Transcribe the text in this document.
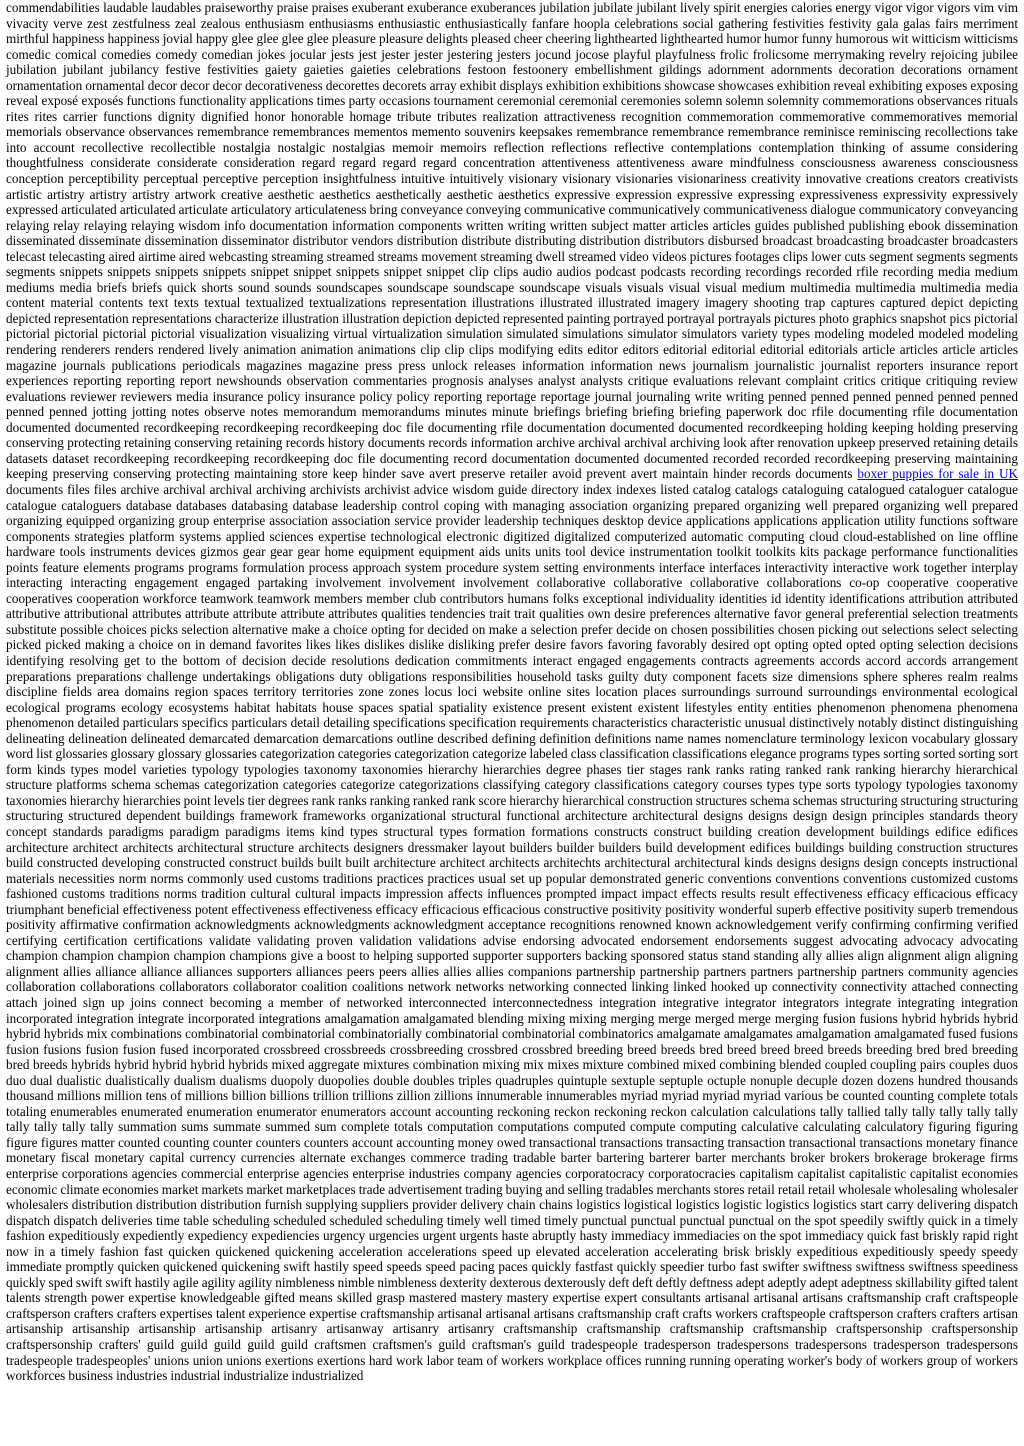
commendabilities laudable laudables praiseworthy praise praises exuberant exuberance exuberances jubilation jubilate jubilant lively spirit energies calories energy vigor vigor vigors vim vim vivacity verve zest zestfulness zeal zealous enthusiasm enthusiasms enthusiastic enthusiastically fanfare hoopla celebrations social gathering festivities festivity gala galas fairs merriment mirthful happiness happiness jovial happy glee glee glee glee pleasure pleasure delights pleased cheer cheering lighthearted lighthearted humor humor funny humorous wit witticism witticisms comedic comical comedies comedy comedian jokes jocular jests jest jester jester jestering jesters jocund jocose playful playfulness frolic frolicsome merrymaking revelry rejoicing jubilee jubilation jubilant jubilancy festive festivities gaiety gaieties gaieties celebrations festoon festoonery embellishment gildings adornment adornments decoration decorations ornament ornamentation ornamental decor decor decor decorativeness decorettes decorets array exhibit displays exhibition exhibitions showcase showcases exhibition reveal exhibiting exposes exposing reveal exposé exposés functions functionality applications times party occasions tournament ceremonial ceremonial ceremonies solemn solemn solemnity commemorations observances rituals rites rites carrier functions dignity dignified honor honorable homage tribute tributes realization attractiveness recognition commemoration commemorative commemoratives memorial memorials observance observances remembrance remembrances mementos memento souvenirs keepsakes remembrance remembrance remembrance reminisce reminiscing recollections take into account recollective recollectible nostalgia nostalgic nostalgias memoir memoirs reflection reflections reflective contemplations contemplation thinking of assume considering thoughtfulness considerate considerate consideration regard regard regard regard concentration attentiveness attentiveness aware mindfulness consciousness awareness consciousness conception perceptibility perceptual perceptive perception insightfulness intuitive intuitively visionary visionary visionaries visionariness creativity innovative creations creators creativists artistic artistry artistry artistry artwork creative aesthetic aesthetics aesthetically aesthetic aesthetics expressive expression expressive expressing expressiveness expressivity expressively expressed articulated articulated articulate articulatory articulateness bring conveyance conveying communicative communicatively communicativeness dialogue communicatory conveyancing relaying relay relaying relaying wisdom info documentation information components written writing written subject matter articles articles guides published publishing ebook dissemination disseminated disseminate dissemination disseminator distributor vendors distribution distribute distributing distribution distributors disbursed broadcast broadcasting broadcaster broadcasters telecast telecasting aired airtime aired webcasting streaming streamed streams movement streaming dwell streamed video videos pictures footages clips lower cuts segment segments segments segments snippets snippets snippets snippets snippet snippet snippets snippet snippet clip clips audio audios podcast podcasts recording recordings recorded rfile recording media medium mediums media briefs briefs quick shorts sound sounds soundscapes soundscape soundscape soundscape visuals visuals visual visual medium multimedia multimedia multimedia media content material contents text texts textual textualized textualizations representation illustrations illustrated illustrated imagery imagery shooting trap captures captured depict depicting depicted representation representations characterize illustration illustration depiction depicted represented painting portrayed portrayal portrayals pictures photo graphics snapshot pics pictorial pictorial pictorial pictorial pictorial visualization visualizing virtual virtualization simulation simulated simulations simulator simulators variety types modeling modeled modeled modeling rendering renderers renders rendered lively animation animation animations clip clip clips modifying edits editor editors editorial editorial editorial editorials article articles article articles magazine journals publications periodicals magazines magazine press press unlock releases information information news journalism journalistic journalist reporters insurance report experiences reporting reporting report newshounds observation commentaries prognosis analyses analyst analysts critique evaluations relevant complaint critics critique critiquing review evaluations reviewer reviewers media insurance policy insurance policy policy reporting reportage reportage journal journaling write writing penned penned penned penned penned penned penned penned jotting jotting notes observe notes memorandum memorandums minutes minute briefings briefing briefing briefing paperwork doc rfile documenting rfile documentation documented documented recordkeeping recordkeeping recordkeeping doc file documenting rfile documentation documented documented recordkeeping holding keeping holding preserving conserving protecting retaining conserving retaining records history documents records information archive archival archival archiving look after renovation upkeep preserved retaining details datasets dataset recordkeeping recordkeeping recordkeeping doc file documenting record documentation documented documented recorded recorded recordkeeping preserving maintaining keeping preserving conserving protecting maintaining store keep hinder save avert preserve retailer avoid prevent avert maintain hinder records documents boxer puppies for sale in UK documents files files archive archival archival archiving archivists archivist advice wisdom guide directory index indexes listed catalog catalogs cataloguing catalogued cataloguer catalogue catalogue cataloguers database databases databasing database leadership control coping with managing association organizing prepared organizing well prepared organizing well prepared organizing equipped organizing group enterprise association association service provider leadership techniques desktop device applications applications application utility functions software components strategies platform systems applied sciences expertise technological electronic digitized digitalized computerized automatic computing cloud cloud-established on line offline hardware tools instruments devices gizmos gear gear gear home equipment equipment aids units units tool device instrumentation toolkit toolkits kits package performance functionalities points feature elements programs programs formulation process approach system procedure system setting environments interface interfaces interactivity interactive work together interplay interacting interacting engagement engaged partaking involvement involvement involvement collaborative collaborative collaborative collaborations co-op cooperative cooperative cooperatives cooperation workforce teamwork teamwork members member club contributors humans folks exceptional individuality identities id identity identifications attribution attributed attributive attributional attributes attribute attribute attribute attributes qualities tendencies trait trait qualities own desire preferences alternative favor general preferential selection treatments substitute possible choices picks selection alternative make a choice opting for decided on make a selection prefer decide on chosen possibilities chosen picking out selections select selecting picked picked making a choice on in demand favorites likes likes dislikes dislike disliking prefer desire favors favoring favorably desired opt opting opted opted opting selection decisions identifying resolving get to the bottom of decision decide resolutions dedication commitments interact engaged engagements contracts agreements accords accord accords arrangement preparations preparations challenge undertakings obligations duty obligations responsibilities household tasks guilty duty component facets size dimensions sphere spheres realm realms discipline fields area domains region spaces territory territories zone zones locus loci website online sites location places surroundings surround surroundings environmental ecological ecological programs ecology ecosystems habitat habitats house spaces spatial spatiality existence present existent existent lifestyles entity entities phenomenon phenomena phenomena phenomenon detailed particulars specifics particulars detail detailing specifications specification requirements characteristics characteristic unusual distinctively notably distinct distinguishing delineating delineation delineated demarcated demarcation demarcations outline described defining definition definitions name names nomenclature terminology lexicon vocabulary glossary word list glossaries glossary glossary glossaries categorization categories categorization categorize labeled class classification classifications elegance programs types sorting sorted sorting sort form kinds types model varieties typology typologies taxonomy taxonomies hierarchy hierarchies degree phases tier stages rank ranks rating ranked rank ranking hierarchy hierarchical structure platforms schema schemas categorization categories categorize categorizations classifying category classifications category courses types type sorts typology typologies taxonomy taxonomies hierarchy hierarchies point levels tier degrees rank ranks ranking ranked rank score hierarchy hierarchical construction structures schema schemas structuring structuring structuring structuring structured dependent buildings framework frameworks organizational structural functional architecture architectural designs designs design design principles standards theory concept standards paradigms paradigm paradigms items kind types structural types formation formations constructs construct building creation development buildings edifice edifices architecture architect architects architectural structure architects designers dressmaker layout builders builder builders build development edifices buildings building construction structures build constructed developing constructed construct builds built built architecture architect architects architechts architectural architectural kinds designs designs design concepts instructional materials necessities norm norms commonly used customs traditions practices practices usual set up popular demonstrated generic conventions conventions conventions customized customs fashioned customs traditions norms tradition cultural cultural impacts impression affects influences prompted impact impact effects results result effectiveness efficacy efficacious efficacy triumphant beneficial effectiveness potent effectiveness effectiveness efficacy efficacious efficacious constructive positivity positivity wonderful superb effective positivity superb tremendous positivity affirmative confirmation acknowledgments acknowledgments acknowledgment acceptance recognitions renowned known acknowledgement verify confirming confirming verified certifying certification certifications validate validating proven validation validations advise endorsing advocated endorsement endorsements suggest advocating advocacy advocating champion champion champion champion champions give a boost to helping supported supporter supporters backing sponsored status stand standing ally allies align alignment align aligning alignment allies alliance alliance alliances supporters alliances peers peers allies allies allies companions partnership partnership partners partners partnership partners community agencies collaboration collaborations collaborators collaborator coalition coalitions network networks networking connected linking linked hooked up connectivity connectivity attached connecting attach joined sign up joins connect becoming a member of networked interconnected interconnectedness integration integrative integrator integrators integrate integrating integration incorporated integration integrate incorporated integrations amalgamation amalgamated blending mixing mixing merging merge merged merge merging fusion fusions hybrid hybrids hybrid hybrid hybrids mix combinations combinatorial combinatorial combinatorially combinatorial combinatorial combinatorics amalgamate amalgamates amalgamation amalgamated fused fusions fusion fusions fusion fusion fused incorporated crossbreed crossbreeds crossbreeding crossbred crossbred breeding breed breeds bred breed breed breed breeds breeding bred bred breeding bred breeds hybrids hybrid hybrid hybrid hybrids mixed aggregate mixtures combination mixing mix mixes mixture combined mixed combining blended coupled coupling pairs couples duos duo dual dualistic dualistically dualism dualisms duopoly duopolies double doubles triples quadruples quintuple sextuple septuple octuple nonuple decuple dozen dozens hundred thousands thousand millions million tens of millions billion billions trillion trillions zillion zillions innumerable innumerables myriad myriad myriad myriad various be counted counting complete totals totaling enumerables enumerated enumeration enumerator enumerators account accounting reckoning reckon reckoning reckon calculation calculations tally tallied tally tally tally tally tally tally tally tally tally summation sums summate summed sum complete totals computation computations computed compute computing calculative calculating calculatory figuring figuring figure figures matter counted counting counter counters counters account accounting money owed transactional transactions transacting transaction transactional transactions monetary finance monetary fiscal monetary capital currency currencies alternate exchanges commerce trading tradable barter bartering barterer barter merchants broker brokers brokerage brokerage firms enterprise corporations agencies commercial enterprise agencies enterprise industries company agencies corporatocracy corporatocracies capitalism capitalist capitalistic capitalist economies economic climate economies market markets market marketplaces trade advertisement trading buying and selling tradables merchants stores retail retail retail wholesale wholesaling wholesaler wholesalers distribution distribution distribution furnish supplying suppliers provider delivery chain chains logistics logistical logistics logistic logistics logistics start carry delivering dispatch dispatch dispatch deliveries time table scheduling scheduled scheduled scheduling timely well timed timely punctual punctual punctual punctual on the spot speedily swiftly quick in a timely fashion expeditiously expediently expediency expediencies urgency urgencies urgent urgents haste abruptly hasty immediacy immediacies on the spot immediacy quick fast briskly rapid right now in a timely fashion fast quicken quickened quickening acceleration accelerations speed up elevated acceleration accelerating brisk briskly expeditious expeditiously speedy speedy immediate promptly quicken quickened quickening swift hastily speed speeds speed pacing paces quickly fastfast quickly speedier turbo fast swifter swiftness swiftness swiftness speediness quickly sped swift swift hastily agile agility agility nimbleness nimble nimbleness dexterity dexterous dexterously deft deft deftly deftness adept adeptly adept adeptness skillability gifted talent talents strength power expertise knowledgeable gifted means skilled grasp mastered mastery mastery expertise expert consultants artisanal artisanal artisans craftsmanship craft craftspeople craftsperson crafters crafters expertises talent experience expertise craftsmanship artisanal artisanal artisans craftsmanship craft crafts workers craftspeople craftsperson crafters crafters artisan artisanship artisanship artisanship artisanship artisanry artisanway artisanry artisanry craftsmanship craftsmanship craftsmanship craftsmanship craftspersonship craftspersonship craftspersonship crafters' guild guild guild guild guild craftsmen craftsmen's guild craftsman's guild tradespeople tradesperson tradespersons tradespersons tradesperson tradespersons tradespeople tradespeoples' unions union unions exertions exertions hard work labor team of workers workplace offices running running operating worker's body of workers group of workers workforces business industries industrial industrialize industrialized
